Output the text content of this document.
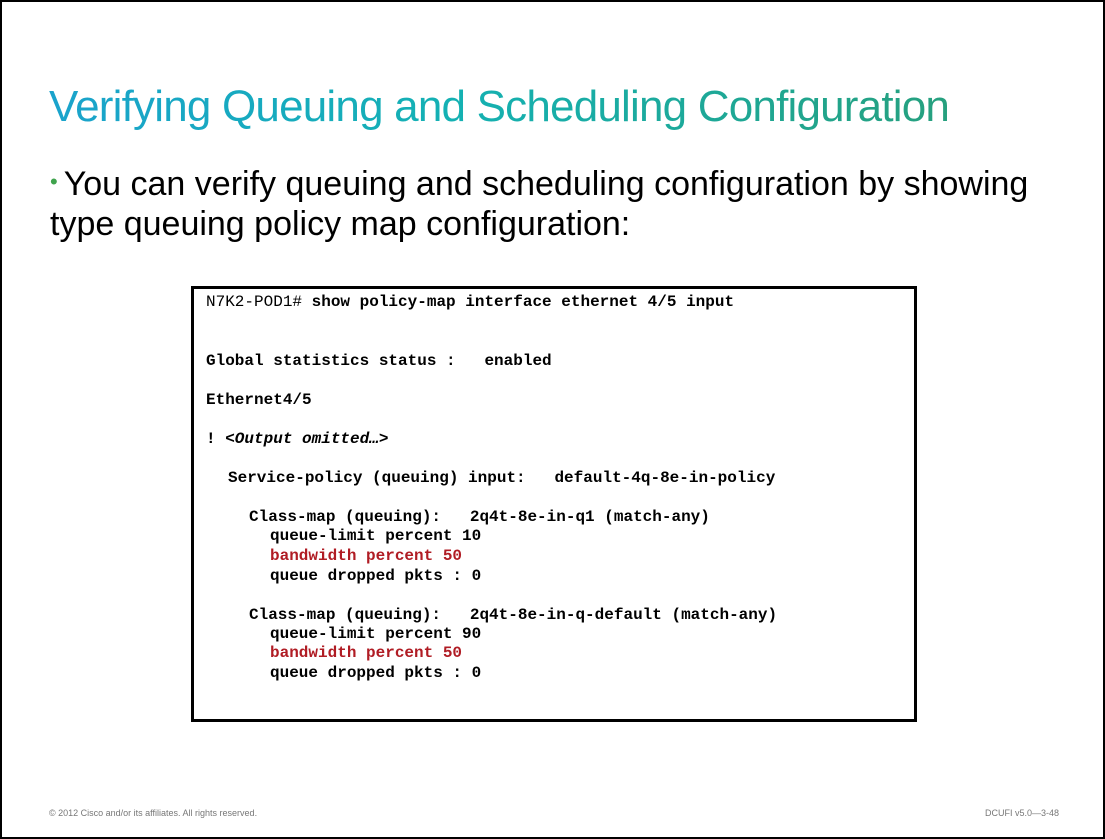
Verifying Queuing and Scheduling Configuration
• You can verify queuing and scheduling configuration by showing type queuing policy map configuration:
N7K2-POD1# show policy-map interface ethernet 4/5 input
Global statistics status :   enabled
Ethernet4/5
! <Output omitted…>
Service-policy (queuing) input:   default-4q-8e-in-policy
Class-map (queuing):   2q4t-8e-in-q1 (match-any)
queue-limit percent 10
bandwidth percent 50
queue dropped pkts : 0
Class-map (queuing):   2q4t-8e-in-q-default (match-any)
queue-limit percent 90
bandwidth percent 50
queue dropped pkts : 0
© 2012 Cisco and/or its affiliates. All rights reserved.	DCUFI v5.0—3-48
